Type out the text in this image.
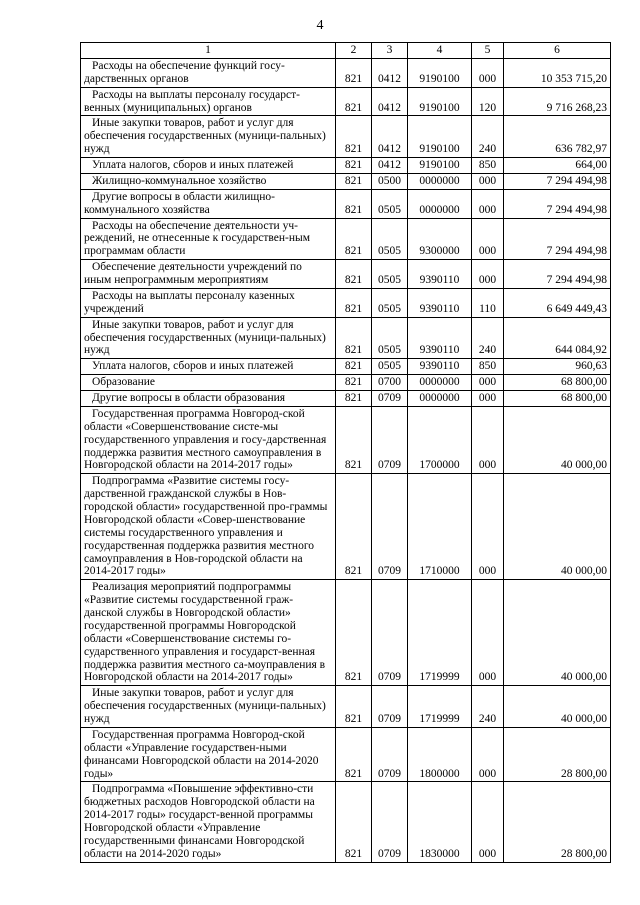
4
1	2	3	4	5	6
Расходы на обеспечение функций госу-дарственных органов	821	0412	9190100	000	10 353 715,20
Расходы на выплаты персоналу государст-венных (муниципальных) органов	821	0412	9190100	120	9 716 268,23
Иные закупки товаров, работ и услуг для обеспечения государственных (муници-пальных) нужд	821	0412	9190100	240	636 782,97
Уплата налогов, сборов и иных платежей	821	0412	9190100	850	664,00
Жилищно-коммунальное хозяйство	821	0500	0000000	000	7 294 494,98
Другие вопросы в области жилищно-коммунального хозяйства	821	0505	0000000	000	7 294 494,98
Расходы на обеспечение деятельности уч-реждений, не отнесенные к государствен-ным программам области	821	0505	9300000	000	7 294 494,98
Обеспечение деятельности учреждений по иным непрограммным мероприятиям	821	0505	9390110	000	7 294 494,98
Расходы на выплаты персоналу казенных учреждений	821	0505	9390110	110	6 649 449,43
Иные закупки товаров, работ и услуг для обеспечения государственных (муници-пальных) нужд	821	0505	9390110	240	644 084,92
Уплата налогов, сборов и иных платежей	821	0505	9390110	850	960,63
Образование	821	0700	0000000	000	68 800,00
Другие вопросы в области образования	821	0709	0000000	000	68 800,00
Государственная программа Новгород-ской области «Совершенствование систе-мы государственного управления и госу-дарственная поддержка развития местного самоуправления в Новгородской области на 2014-2017 годы»	821	0709	1700000	000	40 000,00
Подпрограмма «Развитие системы госу-дарственной гражданской службы в Нов-городской области» государственной про-граммы Новгородской области «Совер-шенствование системы государственного управления и государственная поддержка развития местного самоуправления в Нов-городской области на 2014-2017 годы»	821	0709	1710000	000	40 000,00
Реализация мероприятий подпрограммы «Развитие системы государственной граж-данской службы в Новгородской области» государственной программы Новгородской области «Совершенствование системы го-сударственного управления и государст-венная поддержка развития местного са-моуправления в Новгородской области на 2014-2017 годы»	821	0709	1719999	000	40 000,00
Иные закупки товаров, работ и услуг для обеспечения государственных (муници-пальных) нужд	821	0709	1719999	240	40 000,00
Государственная программа Новгород-ской области «Управление государствен-ными финансами Новгородской области на 2014-2020 годы»	821	0709	1800000	000	28 800,00
Подпрограмма «Повышение эффективно-сти бюджетных расходов Новгородской области на 2014-2017 годы» государст-венной программы Новгородской области «Управление государственными финансами Новгородской области на 2014-2020 годы»	821	0709	1830000	000	28 800,00
